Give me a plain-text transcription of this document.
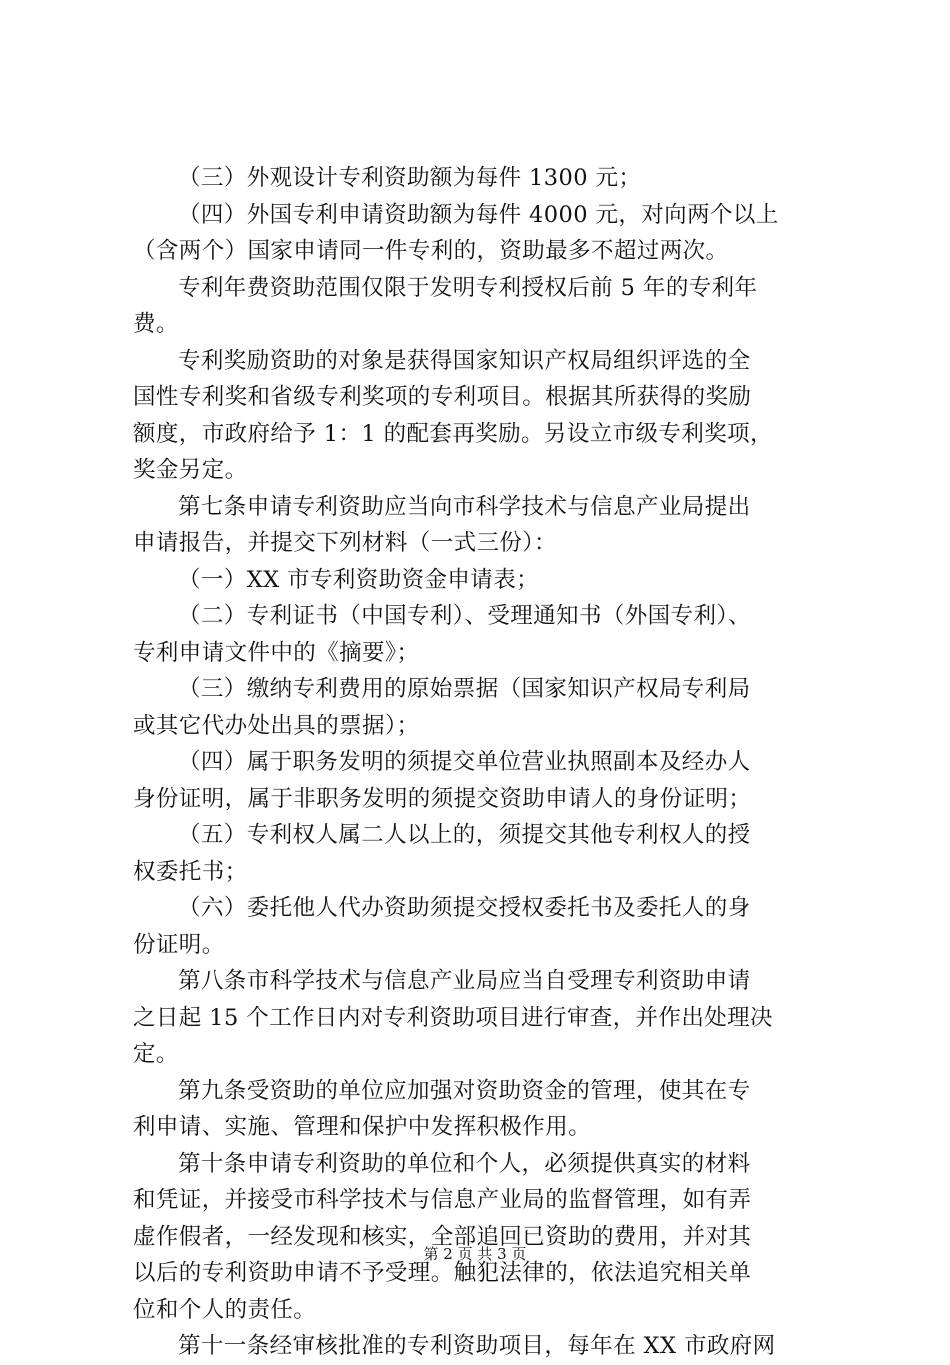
（三）外观设计专利资助额为每件 1300 元；
（四）外国专利申请资助额为每件 4000 元，对向两个以上
（含两个）国家申请同一件专利的，资助最多不超过两次。
专利年费资助范围仅限于发明专利授权后前 5 年的专利年
费。
专利奖励资助的对象是获得国家知识产权局组织评选的全
国性专利奖和省级专利奖项的专利项目。根据其所获得的奖励
额度，市政府给予 1：1 的配套再奖励。另设立市级专利奖项，
奖金另定。
第七条申请专利资助应当向市科学技术与信息产业局提出
申请报告，并提交下列材料（一式三份）：
（一）XX 市专利资助资金申请表；
（二）专利证书（中国专利）、受理通知书（外国专利）、
专利申请文件中的《摘要》；
（三）缴纳专利费用的原始票据（国家知识产权局专利局
或其它代办处出具的票据）；
（四）属于职务发明的须提交单位营业执照副本及经办人
身份证明，属于非职务发明的须提交资助申请人的身份证明；
（五）专利权人属二人以上的，须提交其他专利权人的授
权委托书；
（六）委托他人代办资助须提交授权委托书及委托人的身
份证明。
第八条市科学技术与信息产业局应当自受理专利资助申请
之日起 15 个工作日内对专利资助项目进行审查，并作出处理决
定。
第九条受资助的单位应加强对资助资金的管理，使其在专
利申请、实施、管理和保护中发挥积极作用。
第十条申请专利资助的单位和个人，必须提供真实的材料
和凭证，并接受市科学技术与信息产业局的监督管理，如有弄
虚作假者，一经发现和核实，全部追回已资助的费用，并对其
以后的专利资助申请不予受理。触犯法律的，依法追究相关单
位和个人的责任。
第十一条经审核批准的专利资助项目，每年在 XX 市政府网
第 2 页 共 3 页
